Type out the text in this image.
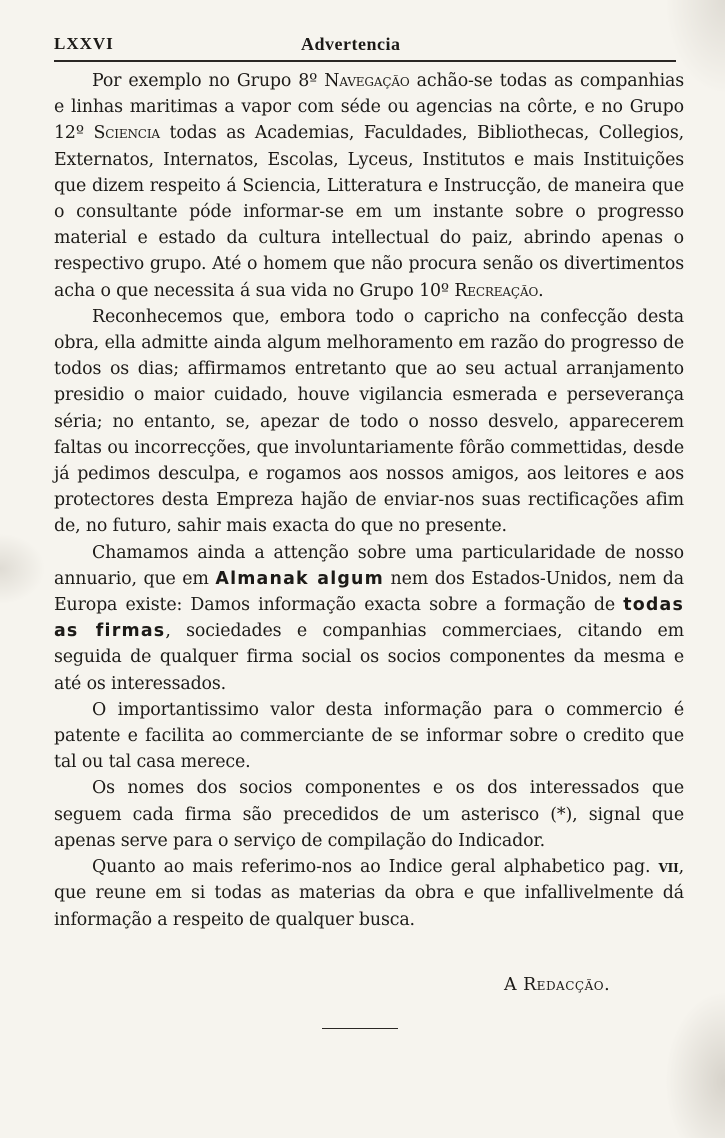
LXXVI	Advertencia

Por exemplo no Grupo 8º Navegação achão-se todas as companhias e linhas maritimas a vapor com séde ou agencias na côrte, e no Grupo 12º Sciencia todas as Academias, Faculdades, Bibliothecas, Collegios, Externatos, Internatos, Escolas, Lyceus, Institutos e mais Instituições que dizem respeito á Sciencia, Litteratura e Instrucção, de maneira que o consultante póde informar-se em um instante sobre o progresso material e estado da cultura intellectual do paiz, abrindo apenas o respectivo grupo. Até o homem que não procura senão os divertimentos acha o que necessita á sua vida no Grupo 10º Recreação.

Reconhecemos que, embora todo o capricho na confecção desta obra, ella admitte ainda algum melhoramento em razão do progresso de todos os dias; affirmamos entretanto que ao seu actual arranjamento presidio o maior cuidado, houve vigilancia esmerada e perseverança séria; no entanto, se, apezar de todo o nosso desvelo, apparecerem faltas ou incorrecções, que involuntariamente fôrão commettidas, desde já pedimos desculpa, e rogamos aos nossos amigos, aos leitores e aos protectores desta Empreza hajão de enviar-nos suas rectificações afim de, no futuro, sahir mais exacta do que no presente.

Chamamos ainda a attenção sobre uma particularidade de nosso annuario, que em Almanak algum nem dos Estados-Unidos, nem da Europa existe: Damos informação exacta sobre a formação de todas as firmas, sociedades e companhias commerciaes, citando em seguida de qualquer firma social os socios componentes da mesma e até os interessados.

O importantissimo valor desta informação para o commercio é patente e facilita ao commerciante de se informar sobre o credito que tal ou tal casa merece.

Os nomes dos socios componentes e os dos interessados que seguem cada firma são precedidos de um asterisco (*), signal que apenas serve para o serviço de compilação do Indicador.

Quanto ao mais referimo-nos ao Indice geral alphabetico pag. vii, que reune em si todas as materias da obra e que infallivelmente dá informação a respeito de qualquer busca.

A Redacção.
